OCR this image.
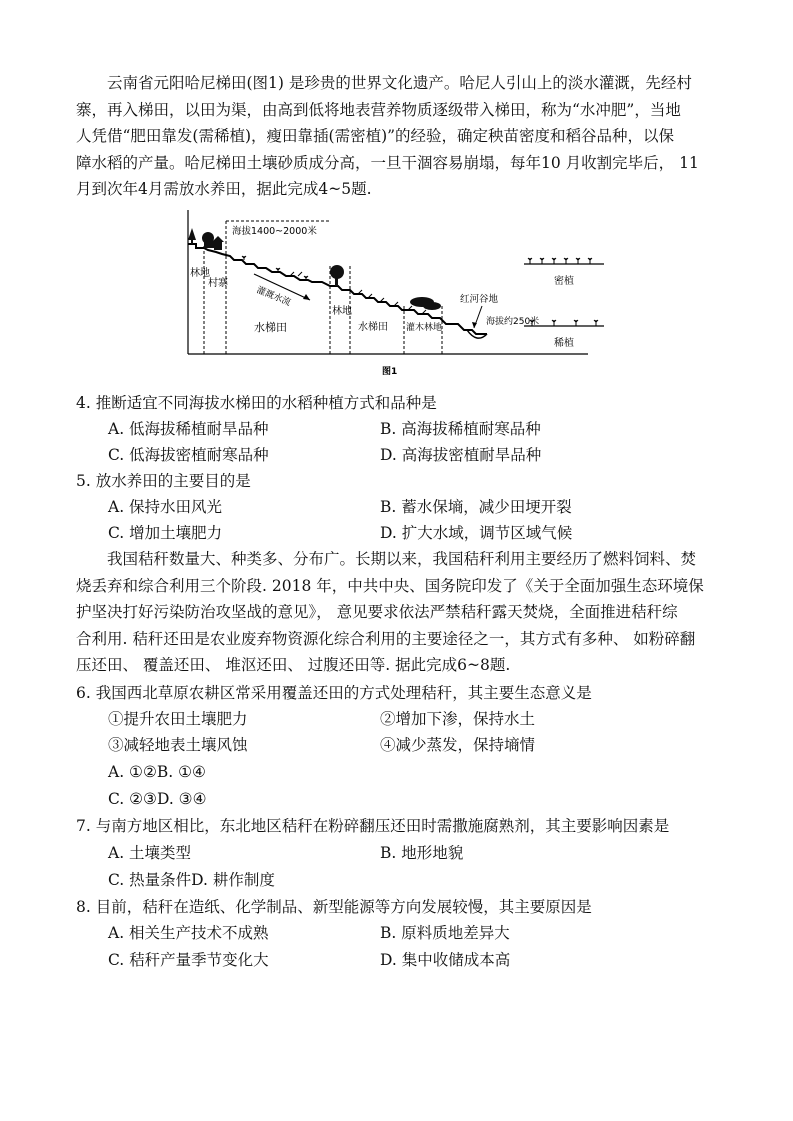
云南省元阳哈尼梯田(图1) 是珍贵的世界文化遗产。哈尼人引山上的淡水灌溉，先经村
寨，再入梯田，以田为渠，由高到低将地表营养物质逐级带入梯田，称为“水冲肥”，当地
人凭借“肥田靠发(需稀植)，瘦田靠插(需密植)”的经验，确定秧苗密度和稻谷品种，以保
障水稻的产量。哈尼梯田土壤砂质成分高，一旦干涸容易崩塌，每年10 月收割完毕后， 11
月到次年4月需放水养田，据此完成4~5题.
海拔1400~2000米
林地
村寨
水梯田
林地
水梯田 灌木林地
灌溉水流	红河谷地
海拔约250米
图1
密植
稀植
4. 推断适宜不同海拔水梯田的水稻种植方式和品种是
A. 低海拔稀植耐旱品种	B. 高海拔稀植耐寒品种
C. 低海拔密植耐寒品种	D. 高海拔密植耐旱品种
5. 放水养田的主要目的是
A. 保持水田风光	B. 蓄水保墒，减少田埂开裂
C. 增加土壤肥力	D. 扩大水域，调节区域气候
我国秸秆数量大、种类多、分布广。长期以来，我国秸秆利用主要经历了燃料饲料、焚
烧丢弃和综合利用三个阶段. 2018 年，中共中央、国务院印发了《关于全面加强生态环境保
护坚决打好污染防治攻坚战的意见》， 意见要求依法严禁秸秆露天焚烧，全面推进秸秆综
合利用. 秸秆还田是农业废弃物资源化综合利用的主要途径之一，其方式有多种、 如粉碎翻
压还田、 覆盖还田、 堆沤还田、 过腹还田等. 据此完成6~8题.
6. 我国西北草原农耕区常采用覆盖还田的方式处理秸秆，其主要生态意义是
①提升农田土壤肥力	②增加下渗，保持水土
③减轻地表土壤风蚀	④减少蒸发，保持墒情
A. ①②B. ①④
C. ②③D. ③④
7. 与南方地区相比，东北地区秸秆在粉碎翻压还田时需撒施腐熟剂，其主要影响因素是
A. 土壤类型	B. 地形地貌
C. 热量条件D. 耕作制度
8. 目前，秸秆在造纸、化学制品、新型能源等方向发展较慢，其主要原因是
A. 相关生产技术不成熟	B. 原料质地差异大
C. 秸秆产量季节变化大	D. 集中收储成本高
